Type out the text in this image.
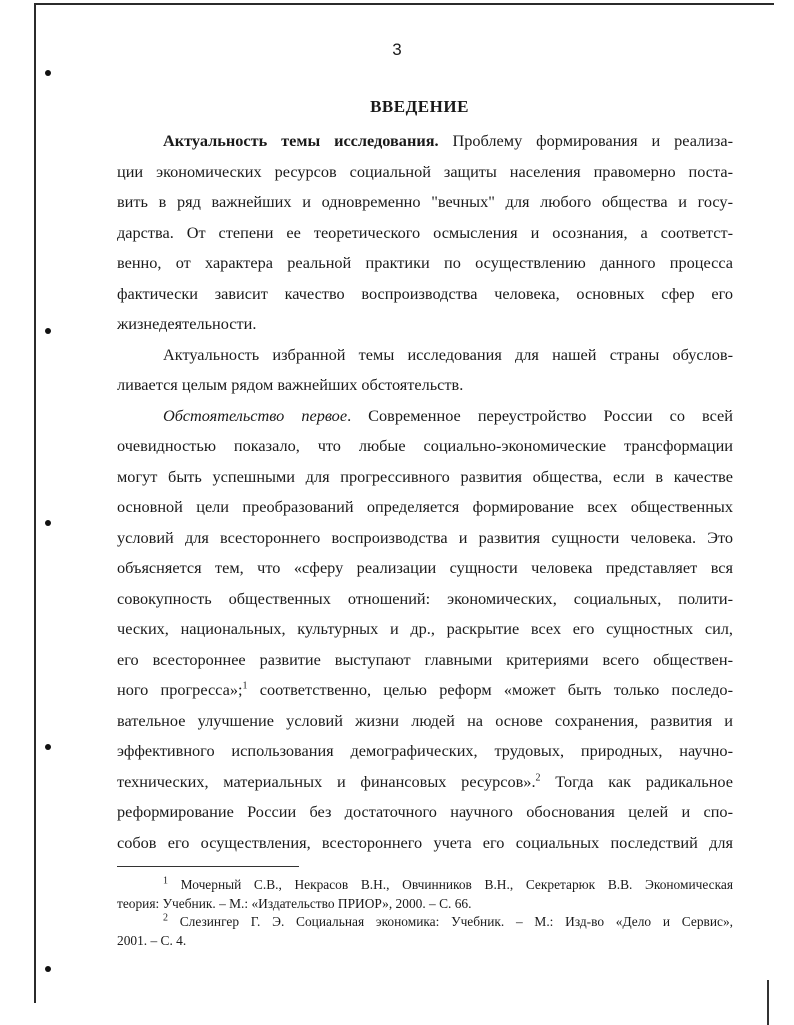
3
ВВЕДЕНИЕ
Актуальность темы исследования. Проблему формирования и реализа-
ции экономических ресурсов социальной защиты населения правомерно поста-
вить в ряд важнейших и одновременно "вечных" для любого общества и госу-
дарства. От степени ее теоретического осмысления и осознания, а соответст-
венно, от характера реальной практики по осуществлению данного процесса
фактически зависит качество воспроизводства человека, основных сфер его
жизнедеятельности.
Актуальность избранной темы исследования для нашей страны обуслов-
ливается целым рядом важнейших обстоятельств.
Обстоятельство первое. Современное переустройство России со всей
очевидностью показало, что любые социально-экономические трансформации
могут быть успешными для прогрессивного развития общества, если в качестве
основной цели преобразований определяется формирование всех общественных
условий для всестороннего воспроизводства и развития сущности человека. Это
объясняется тем, что «сферу реализации сущности человека представляет вся
совокупность общественных отношений: экономических, социальных, полити-
ческих, национальных, культурных и др., раскрытие всех его сущностных сил,
его всестороннее развитие выступают главными критериями всего обществен-
ного прогресса»;$^1$ соответственно, целью реформ «может быть только последо-
вательное улучшение условий жизни людей на основе сохранения, развития и
эффективного использования демографических, трудовых, природных, научно-
технических, материальных и финансовых ресурсов».$^2$ Тогда как радикальное
реформирование России без достаточного научного обоснования целей и спо-
собов его осуществления, всестороннего учета его социальных последствий для
$^1$ Мочерный С.В., Некрасов В.Н., Овчинников В.Н., Секретарюк В.В. Экономическая
теория: Учебник. – М.: «Издательство ПРИОР», 2000. – С. 66.
$^2$ Слезингер Г. Э. Социальная экономика: Учебник. – М.: Изд-во «Дело и Сервис»,
2001. – С. 4.
